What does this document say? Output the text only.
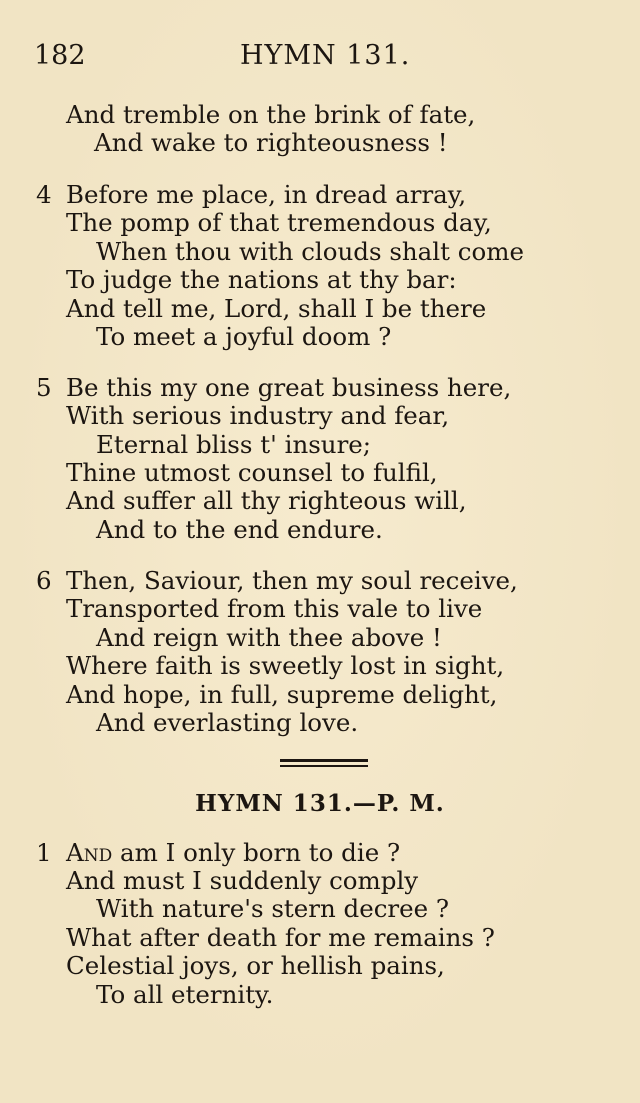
182	HYMN 131.
And tremble on the brink of fate,
And wake to righteousness !
4 Before me place, in dread array,
The pomp of that tremendous day,
When thou with clouds shalt come
To judge the nations at thy bar:
And tell me, Lord, shall I be there
To meet a joyful doom ?
5 Be this my one great business here,
With serious industry and fear,
Eternal bliss t' insure;
Thine utmost counsel to fulfil,
And suffer all thy righteous will,
And to the end endure.
6 Then, Saviour, then my soul receive,
Transported from this vale to live
And reign with thee above !
Where faith is sweetly lost in sight,
And hope, in full, supreme delight,
And everlasting love.
HYMN 131.—P. M.
1 And am I only born to die ?
And must I suddenly comply
With nature's stern decree ?
What after death for me remains ?
Celestial joys, or hellish pains,
To all eternity.
